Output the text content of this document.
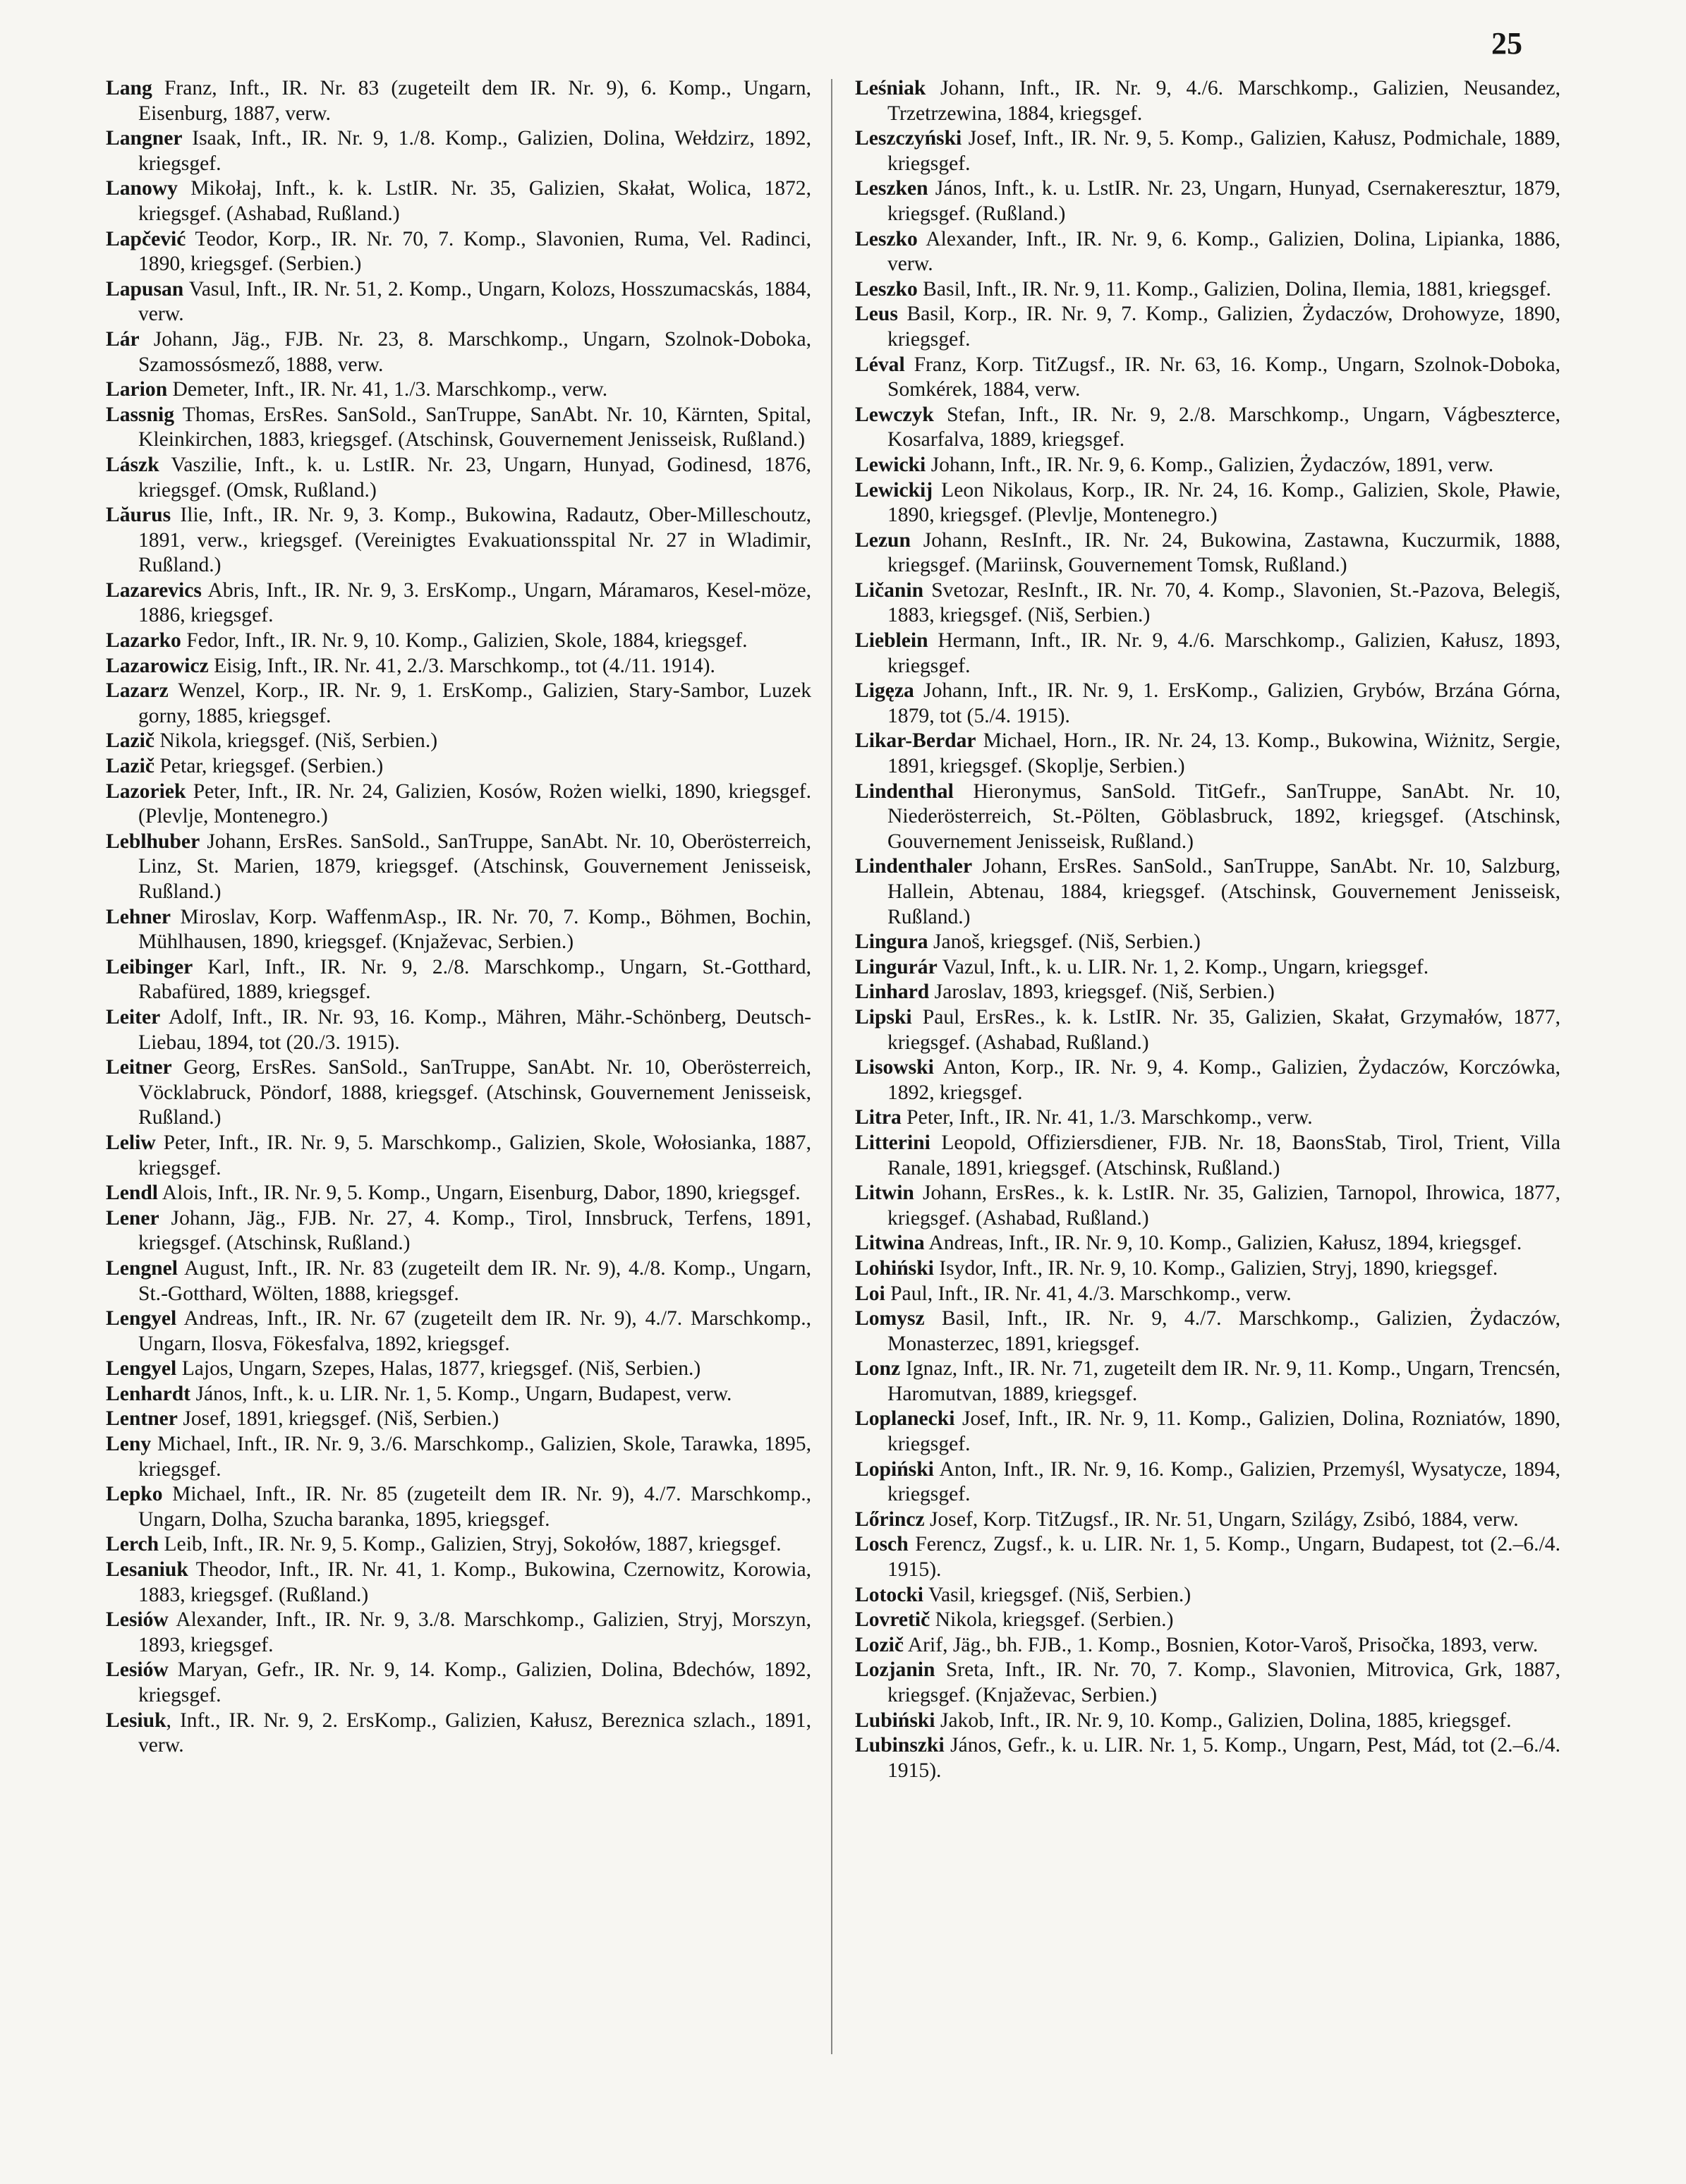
25

Lang Franz, Inft., IR. Nr. 83 (zugeteilt dem IR. Nr. 9), 6. Komp., Ungarn, Eisenburg, 1887, verw.

Langner Isaak, Inft., IR. Nr. 9, 1./8. Komp., Galizien, Dolina, Wełdzirz, 1892, kriegsgef.

Lanowy Mikołaj, Inft., k. k. LstIR. Nr. 35, Galizien, Skałat, Wolica, 1872, kriegsgef. (Ashabad, Rußland.)

Lapčević Teodor, Korp., IR. Nr. 70, 7. Komp., Slavonien, Ruma, Vel. Radinci, 1890, kriegsgef. (Serbien.)

Lapusan Vasul, Inft., IR. Nr. 51, 2. Komp., Ungarn, Kolozs, Hosszumacskás, 1884, verw.

Lár Johann, Jäg., FJB. Nr. 23, 8. Marschkomp., Ungarn, Szolnok-Doboka, Szamossósmező, 1888, verw.

Larion Demeter, Inft., IR. Nr. 41, 1./3. Marschkomp., verw.

Lassnig Thomas, ErsRes. SanSold., SanTruppe, SanAbt. Nr. 10, Kärnten, Spital, Kleinkirchen, 1883, kriegsgef. (Atschinsk, Gouvernement Jenisseisk, Rußland.)

Lászk Vaszilie, Inft., k. u. LstIR. Nr. 23, Ungarn, Hunyad, Godinesd, 1876, kriegsgef. (Omsk, Rußland.)

Lăurus Ilie, Inft., IR. Nr. 9, 3. Komp., Bukowina, Radautz, Ober-Milleschoutz, 1891, verw., kriegsgef. (Vereinigtes Evakuationsspital Nr. 27 in Wladimir, Rußland.)

Lazarevics Abris, Inft., IR. Nr. 9, 3. ErsKomp., Ungarn, Máramaros, Kesel-möze, 1886, kriegsgef.

Lazarko Fedor, Inft., IR. Nr. 9, 10. Komp., Galizien, Skole, 1884, kriegsgef.

Lazarowicz Eisig, Inft., IR. Nr. 41, 2./3. Marschkomp., tot (4./11. 1914).

Lazarz Wenzel, Korp., IR. Nr. 9, 1. ErsKomp., Galizien, Stary-Sambor, Luzek gorny, 1885, kriegsgef.

Lazič Nikola, kriegsgef. (Niš, Serbien.)

Lazič Petar, kriegsgef. (Serbien.)

Lazoriek Peter, Inft., IR. Nr. 24, Galizien, Kosów, Rożen wielki, 1890, kriegsgef. (Plevlje, Montenegro.)

Leblhuber Johann, ErsRes. SanSold., SanTruppe, SanAbt. Nr. 10, Oberösterreich, Linz, St. Marien, 1879, kriegsgef. (Atschinsk, Gouvernement Jenisseisk, Rußland.)

Lehner Miroslav, Korp. WaffenmAsp., IR. Nr. 70, 7. Komp., Böhmen, Bochin, Mühlhausen, 1890, kriegsgef. (Knjaževac, Serbien.)

Leibinger Karl, Inft., IR. Nr. 9, 2./8. Marschkomp., Ungarn, St.-Gotthard, Rabafüred, 1889, kriegsgef.

Leiter Adolf, Inft., IR. Nr. 93, 16. Komp., Mähren, Mähr.-Schönberg, Deutsch-Liebau, 1894, tot (20./3. 1915).

Leitner Georg, ErsRes. SanSold., SanTruppe, SanAbt. Nr. 10, Oberösterreich, Vöcklabruck, Pöndorf, 1888, kriegsgef. (Atschinsk, Gouvernement Jenisseisk, Rußland.)

Leliw Peter, Inft., IR. Nr. 9, 5. Marschkomp., Galizien, Skole, Wołosianka, 1887, kriegsgef.

Lendl Alois, Inft., IR. Nr. 9, 5. Komp., Ungarn, Eisenburg, Dabor, 1890, kriegsgef.

Lener Johann, Jäg., FJB. Nr. 27, 4. Komp., Tirol, Innsbruck, Terfens, 1891, kriegsgef. (Atschinsk, Rußland.)

Lengnel August, Inft., IR. Nr. 83 (zugeteilt dem IR. Nr. 9), 4./8. Komp., Ungarn, St.-Gotthard, Wölten, 1888, kriegsgef.

Lengyel Andreas, Inft., IR. Nr. 67 (zugeteilt dem IR. Nr. 9), 4./7. Marschkomp., Ungarn, Ilosva, Fökesfalva, 1892, kriegsgef.

Lengyel Lajos, Ungarn, Szepes, Halas, 1877, kriegsgef. (Niš, Serbien.)

Lenhardt János, Inft., k. u. LIR. Nr. 1, 5. Komp., Ungarn, Budapest, verw.

Lentner Josef, 1891, kriegsgef. (Niš, Serbien.)

Leny Michael, Inft., IR. Nr. 9, 3./6. Marschkomp., Galizien, Skole, Tarawka, 1895, kriegsgef.

Lepko Michael, Inft., IR. Nr. 85 (zugeteilt dem IR. Nr. 9), 4./7. Marschkomp., Ungarn, Dolha, Szucha baranka, 1895, kriegsgef.

Lerch Leib, Inft., IR. Nr. 9, 5. Komp., Galizien, Stryj, Sokołów, 1887, kriegsgef.

Lesaniuk Theodor, Inft., IR. Nr. 41, 1. Komp., Bukowina, Czernowitz, Korowia, 1883, kriegsgef. (Rußland.)

Lesiów Alexander, Inft., IR. Nr. 9, 3./8. Marschkomp., Galizien, Stryj, Morszyn, 1893, kriegsgef.

Lesiów Maryan, Gefr., IR. Nr. 9, 14. Komp., Galizien, Dolina, Bdechów, 1892, kriegsgef.

Lesiuk, Inft., IR. Nr. 9, 2. ErsKomp., Galizien, Kałusz, Bereznica szlach., 1891, verw.

Leśniak Johann, Inft., IR. Nr. 9, 4./6. Marschkomp., Galizien, Neusandez, Trzetrzewina, 1884, kriegsgef.

Leszczyński Josef, Inft., IR. Nr. 9, 5. Komp., Galizien, Kałusz, Podmichale, 1889, kriegsgef.

Leszken János, Inft., k. u. LstIR. Nr. 23, Ungarn, Hunyad, Csernakeresztur, 1879, kriegsgef. (Rußland.)

Leszko Alexander, Inft., IR. Nr. 9, 6. Komp., Galizien, Dolina, Lipianka, 1886, verw.

Leszko Basil, Inft., IR. Nr. 9, 11. Komp., Galizien, Dolina, Ilemia, 1881, kriegsgef.

Leus Basil, Korp., IR. Nr. 9, 7. Komp., Galizien, Żydaczów, Drohowyze, 1890, kriegsgef.

Léval Franz, Korp. TitZugsf., IR. Nr. 63, 16. Komp., Ungarn, Szolnok-Doboka, Somkérek, 1884, verw.

Lewczyk Stefan, Inft., IR. Nr. 9, 2./8. Marschkomp., Ungarn, Vágbeszterce, Kosarfalva, 1889, kriegsgef.

Lewicki Johann, Inft., IR. Nr. 9, 6. Komp., Galizien, Żydaczów, 1891, verw.

Lewickij Leon Nikolaus, Korp., IR. Nr. 24, 16. Komp., Galizien, Skole, Pławie, 1890, kriegsgef. (Plevlje, Montenegro.)

Lezun Johann, ResInft., IR. Nr. 24, Bukowina, Zastawna, Kuczurmik, 1888, kriegsgef. (Mariinsk, Gouvernement Tomsk, Rußland.)

Ličanin Svetozar, ResInft., IR. Nr. 70, 4. Komp., Slavonien, St.-Pazova, Belegiš, 1883, kriegsgef. (Niš, Serbien.)

Lieblein Hermann, Inft., IR. Nr. 9, 4./6. Marschkomp., Galizien, Kałusz, 1893, kriegsgef.

Ligęza Johann, Inft., IR. Nr. 9, 1. ErsKomp., Galizien, Grybów, Brzána Górna, 1879, tot (5./4. 1915).

Likar-Berdar Michael, Horn., IR. Nr. 24, 13. Komp., Bukowina, Wiżnitz, Sergie, 1891, kriegsgef. (Skoplje, Serbien.)

Lindenthal Hieronymus, SanSold. TitGefr., SanTruppe, SanAbt. Nr. 10, Niederösterreich, St.-Pölten, Göblasbruck, 1892, kriegsgef. (Atschinsk, Gouvernement Jenisseisk, Rußland.)

Lindenthaler Johann, ErsRes. SanSold., SanTruppe, SanAbt. Nr. 10, Salzburg, Hallein, Abtenau, 1884, kriegsgef. (Atschinsk, Gouvernement Jenisseisk, Rußland.)

Lingura Janoš, kriegsgef. (Niš, Serbien.)

Lingurár Vazul, Inft., k. u. LIR. Nr. 1, 2. Komp., Ungarn, kriegsgef.

Linhard Jaroslav, 1893, kriegsgef. (Niš, Serbien.)

Lipski Paul, ErsRes., k. k. LstIR. Nr. 35, Galizien, Skałat, Grzymałów, 1877, kriegsgef. (Ashabad, Rußland.)

Lisowski Anton, Korp., IR. Nr. 9, 4. Komp., Galizien, Żydaczów, Korczówka, 1892, kriegsgef.

Litra Peter, Inft., IR. Nr. 41, 1./3. Marschkomp., verw.

Litterini Leopold, Offiziersdiener, FJB. Nr. 18, BaonsStab, Tirol, Trient, Villa Ranale, 1891, kriegsgef. (Atschinsk, Rußland.)

Litwin Johann, ErsRes., k. k. LstIR. Nr. 35, Galizien, Tarnopol, Ihrowica, 1877, kriegsgef. (Ashabad, Rußland.)

Litwina Andreas, Inft., IR. Nr. 9, 10. Komp., Galizien, Kałusz, 1894, kriegsgef.

Lohiński Isydor, Inft., IR. Nr. 9, 10. Komp., Galizien, Stryj, 1890, kriegsgef.

Loi Paul, Inft., IR. Nr. 41, 4./3. Marschkomp., verw.

Lomysz Basil, Inft., IR. Nr. 9, 4./7. Marschkomp., Galizien, Żydaczów, Monasterzec, 1891, kriegsgef.

Lonz Ignaz, Inft., IR. Nr. 71, zugeteilt dem IR. Nr. 9, 11. Komp., Ungarn, Trencsén, Haromutvan, 1889, kriegsgef.

Loplanecki Josef, Inft., IR. Nr. 9, 11. Komp., Galizien, Dolina, Rozniatów, 1890, kriegsgef.

Lopiński Anton, Inft., IR. Nr. 9, 16. Komp., Galizien, Przemyśl, Wysatycze, 1894, kriegsgef.

Lőrincz Josef, Korp. TitZugsf., IR. Nr. 51, Ungarn, Szilágy, Zsibó, 1884, verw.

Losch Ferencz, Zugsf., k. u. LIR. Nr. 1, 5. Komp., Ungarn, Budapest, tot (2.–6./4. 1915).

Lotocki Vasil, kriegsgef. (Niš, Serbien.)

Lovretič Nikola, kriegsgef. (Serbien.)

Lozič Arif, Jäg., bh. FJB., 1. Komp., Bosnien, Kotor-Varoš, Prisočka, 1893, verw.

Lozjanin Sreta, Inft., IR. Nr. 70, 7. Komp., Slavonien, Mitrovica, Grk, 1887, kriegsgef. (Knjaževac, Serbien.)

Lubiński Jakob, Inft., IR. Nr. 9, 10. Komp., Galizien, Dolina, 1885, kriegsgef.

Lubinszki János, Gefr., k. u. LIR. Nr. 1, 5. Komp., Ungarn, Pest, Mád, tot (2.–6./4. 1915).
